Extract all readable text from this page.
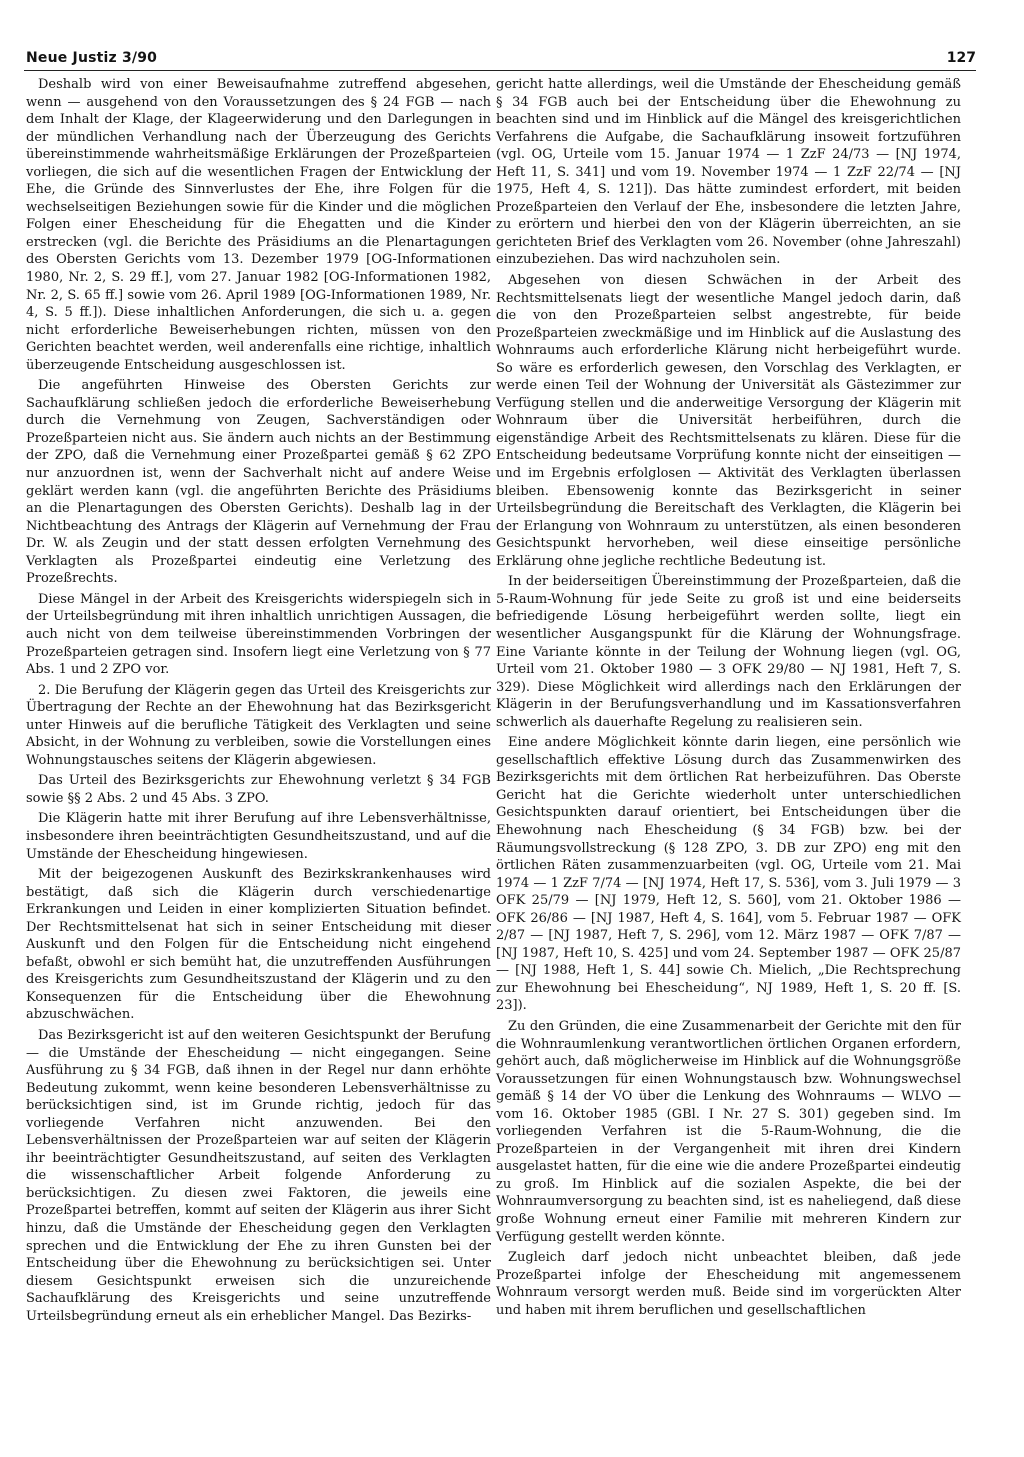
Neue Justiz 3/90	127

Deshalb wird von einer Beweisaufnahme zutreffend abgesehen, wenn — ausgehend von den Voraussetzungen des § 24 FGB — nach dem Inhalt der Klage, der Klageerwiderung und den Darlegungen in der mündlichen Verhandlung nach der Überzeugung des Gerichts übereinstimmende wahrheitsmäßige Erklärungen der Prozeßparteien vorliegen, die sich auf die wesentlichen Fragen der Entwicklung der Ehe, die Gründe des Sinnverlustes der Ehe, ihre Folgen für die wechselseitigen Beziehungen sowie für die Kinder und die möglichen Folgen einer Ehescheidung für die Ehegatten und die Kinder erstrecken (vgl. die Berichte des Präsidiums an die Plenartagungen des Obersten Gerichts vom 13. Dezember 1979 [OG-Informationen 1980, Nr. 2, S. 29 ff.], vom 27. Januar 1982 [OG-Informationen 1982, Nr. 2, S. 65 ff.] sowie vom 26. April 1989 [OG-Informationen 1989, Nr. 4, S. 5 ff.]). Diese inhaltlichen Anforderungen, die sich u. a. gegen nicht erforderliche Beweiserhebungen richten, müssen von den Gerichten beachtet werden, weil anderenfalls eine richtige, inhaltlich überzeugende Entscheidung ausgeschlossen ist.

Die angeführten Hinweise des Obersten Gerichts zur Sachaufklärung schließen jedoch die erforderliche Beweiserhebung durch die Vernehmung von Zeugen, Sachverständigen oder Prozeßparteien nicht aus. Sie ändern auch nichts an der Bestimmung der ZPO, daß die Vernehmung einer Prozeßpartei gemäß § 62 ZPO nur anzuordnen ist, wenn der Sachverhalt nicht auf andere Weise geklärt werden kann (vgl. die angeführten Berichte des Präsidiums an die Plenartagungen des Obersten Gerichts). Deshalb lag in der Nichtbeachtung des Antrags der Klägerin auf Vernehmung der Frau Dr. W. als Zeugin und der statt dessen erfolgten Vernehmung des Verklagten als Prozeßpartei eindeutig eine Verletzung des Prozeßrechts.

Diese Mängel in der Arbeit des Kreisgerichts widerspiegeln sich in der Urteilsbegründung mit ihren inhaltlich unrichtigen Aussagen, die auch nicht von dem teilweise übereinstimmenden Vorbringen der Prozeßparteien getragen sind. Insofern liegt eine Verletzung von § 77 Abs. 1 und 2 ZPO vor.

2. Die Berufung der Klägerin gegen das Urteil des Kreisgerichts zur Übertragung der Rechte an der Ehewohnung hat das Bezirksgericht unter Hinweis auf die berufliche Tätigkeit des Verklagten und seine Absicht, in der Wohnung zu verbleiben, sowie die Vorstellungen eines Wohnungstausches seitens der Klägerin abgewiesen.

Das Urteil des Bezirksgerichts zur Ehewohnung verletzt § 34 FGB sowie §§ 2 Abs. 2 und 45 Abs. 3 ZPO.

Die Klägerin hatte mit ihrer Berufung auf ihre Lebensverhältnisse, insbesondere ihren beeinträchtigten Gesundheitszustand, und auf die Umstände der Ehescheidung hingewiesen.

Mit der beigezogenen Auskunft des Bezirkskrankenhauses wird bestätigt, daß sich die Klägerin durch verschiedenartige Erkrankungen und Leiden in einer komplizierten Situation befindet. Der Rechtsmittelsenat hat sich in seiner Entscheidung mit dieser Auskunft und den Folgen für die Entscheidung nicht eingehend befaßt, obwohl er sich bemüht hat, die unzutreffenden Ausführungen des Kreisgerichts zum Gesundheitszustand der Klägerin und zu den Konsequenzen für die Entscheidung über die Ehewohnung abzuschwächen.

Das Bezirksgericht ist auf den weiteren Gesichtspunkt der Berufung — die Umstände der Ehescheidung — nicht eingegangen. Seine Ausführung zu § 34 FGB, daß ihnen in der Regel nur dann erhöhte Bedeutung zukommt, wenn keine besonderen Lebensverhältnisse zu berücksichtigen sind, ist im Grunde richtig, jedoch für das vorliegende Verfahren nicht anzuwenden. Bei den Lebensverhältnissen der Prozeßparteien war auf seiten der Klägerin ihr beeinträchtigter Gesundheitszustand, auf seiten des Verklagten die wissenschaftlicher Arbeit folgende Anforderung zu berücksichtigen. Zu diesen zwei Faktoren, die jeweils eine Prozeßpartei betreffen, kommt auf seiten der Klägerin aus ihrer Sicht hinzu, daß die Umstände der Ehescheidung gegen den Verklagten sprechen und die Entwicklung der Ehe zu ihren Gunsten bei der Entscheidung über die Ehewohnung zu berücksichtigen sei. Unter diesem Gesichtspunkt erweisen sich die unzureichende Sachaufklärung des Kreisgerichts und seine unzutreffende Urteilsbegründung erneut als ein erheblicher Mangel. Das Bezirks-

gericht hatte allerdings, weil die Umstände der Ehescheidung gemäß § 34 FGB auch bei der Entscheidung über die Ehewohnung zu beachten sind und im Hinblick auf die Mängel des kreisgerichtlichen Verfahrens die Aufgabe, die Sachaufklärung insoweit fortzuführen (vgl. OG, Urteile vom 15. Januar 1974 — 1 ZzF 24/73 — [NJ 1974, Heft 11, S. 341] und vom 19. November 1974 — 1 ZzF 22/74 — [NJ 1975, Heft 4, S. 121]). Das hätte zumindest erfordert, mit beiden Prozeßparteien den Verlauf der Ehe, insbesondere die letzten Jahre, zu erörtern und hierbei den von der Klägerin überreichten, an sie gerichteten Brief des Verklagten vom 26. November (ohne Jahreszahl) einzubeziehen. Das wird nachzuholen sein.

Abgesehen von diesen Schwächen in der Arbeit des Rechtsmittelsenats liegt der wesentliche Mangel jedoch darin, daß die von den Prozeßparteien selbst angestrebte, für beide Prozeßparteien zweckmäßige und im Hinblick auf die Auslastung des Wohnraums auch erforderliche Klärung nicht herbeigeführt wurde. So wäre es erforderlich gewesen, den Vorschlag des Verklagten, er werde einen Teil der Wohnung der Universität als Gästezimmer zur Verfügung stellen und die anderweitige Versorgung der Klägerin mit Wohnraum über die Universität herbeiführen, durch die eigenständige Arbeit des Rechtsmittelsenats zu klären. Diese für die Entscheidung bedeutsame Vorprüfung konnte nicht der einseitigen — und im Ergebnis erfolglosen — Aktivität des Verklagten überlassen bleiben. Ebensowenig konnte das Bezirksgericht in seiner Urteilsbegründung die Bereitschaft des Verklagten, die Klägerin bei der Erlangung von Wohnraum zu unterstützen, als einen besonderen Gesichtspunkt hervorheben, weil diese einseitige persönliche Erklärung ohne jegliche rechtliche Bedeutung ist.

In der beiderseitigen Übereinstimmung der Prozeßparteien, daß die 5-Raum-Wohnung für jede Seite zu groß ist und eine beiderseits befriedigende Lösung herbeigeführt werden sollte, liegt ein wesentlicher Ausgangspunkt für die Klärung der Wohnungsfrage. Eine Variante könnte in der Teilung der Wohnung liegen (vgl. OG, Urteil vom 21. Oktober 1980 — 3 OFK 29/80 — NJ 1981, Heft 7, S. 329). Diese Möglichkeit wird allerdings nach den Erklärungen der Klägerin in der Berufungsverhandlung und im Kassationsverfahren schwerlich als dauerhafte Regelung zu realisieren sein.

Eine andere Möglichkeit könnte darin liegen, eine persönlich wie gesellschaftlich effektive Lösung durch das Zusammenwirken des Bezirksgerichts mit dem örtlichen Rat herbeizuführen. Das Oberste Gericht hat die Gerichte wiederholt unter unterschiedlichen Gesichtspunkten darauf orientiert, bei Entscheidungen über die Ehewohnung nach Ehescheidung (§ 34 FGB) bzw. bei der Räumungsvollstreckung (§ 128 ZPO, 3. DB zur ZPO) eng mit den örtlichen Räten zusammenzuarbeiten (vgl. OG, Urteile vom 21. Mai 1974 — 1 ZzF 7/74 — [NJ 1974, Heft 17, S. 536], vom 3. Juli 1979 — 3 OFK 25/79 — [NJ 1979, Heft 12, S. 560], vom 21. Oktober 1986 — OFK 26/86 — [NJ 1987, Heft 4, S. 164], vom 5. Februar 1987 — OFK 2/87 — [NJ 1987, Heft 7, S. 296], vom 12. März 1987 — OFK 7/87 — [NJ 1987, Heft 10, S. 425] und vom 24. September 1987 — OFK 25/87 — [NJ 1988, Heft 1, S. 44] sowie Ch. Mielich, „Die Rechtsprechung zur Ehewohnung bei Ehescheidung“, NJ 1989, Heft 1, S. 20 ff. [S. 23]).

Zu den Gründen, die eine Zusammenarbeit der Gerichte mit den für die Wohnraumlenkung verantwortlichen örtlichen Organen erfordern, gehört auch, daß möglicherweise im Hinblick auf die Wohnungsgröße Voraussetzungen für einen Wohnungstausch bzw. Wohnungswechsel gemäß § 14 der VO über die Lenkung des Wohnraums — WLVO — vom 16. Oktober 1985 (GBl. I Nr. 27 S. 301) gegeben sind. Im vorliegenden Verfahren ist die 5-Raum-Wohnung, die die Prozeßparteien in der Vergangenheit mit ihren drei Kindern ausgelastet hatten, für die eine wie die andere Prozeßpartei eindeutig zu groß. Im Hinblick auf die sozialen Aspekte, die bei der Wohnraumversorgung zu beachten sind, ist es naheliegend, daß diese große Wohnung erneut einer Familie mit mehreren Kindern zur Verfügung gestellt werden könnte.

Zugleich darf jedoch nicht unbeachtet bleiben, daß jede Prozeßpartei infolge der Ehescheidung mit angemessenem Wohnraum versorgt werden muß. Beide sind im vorgerückten Alter und haben mit ihrem beruflichen und gesellschaftlichen
